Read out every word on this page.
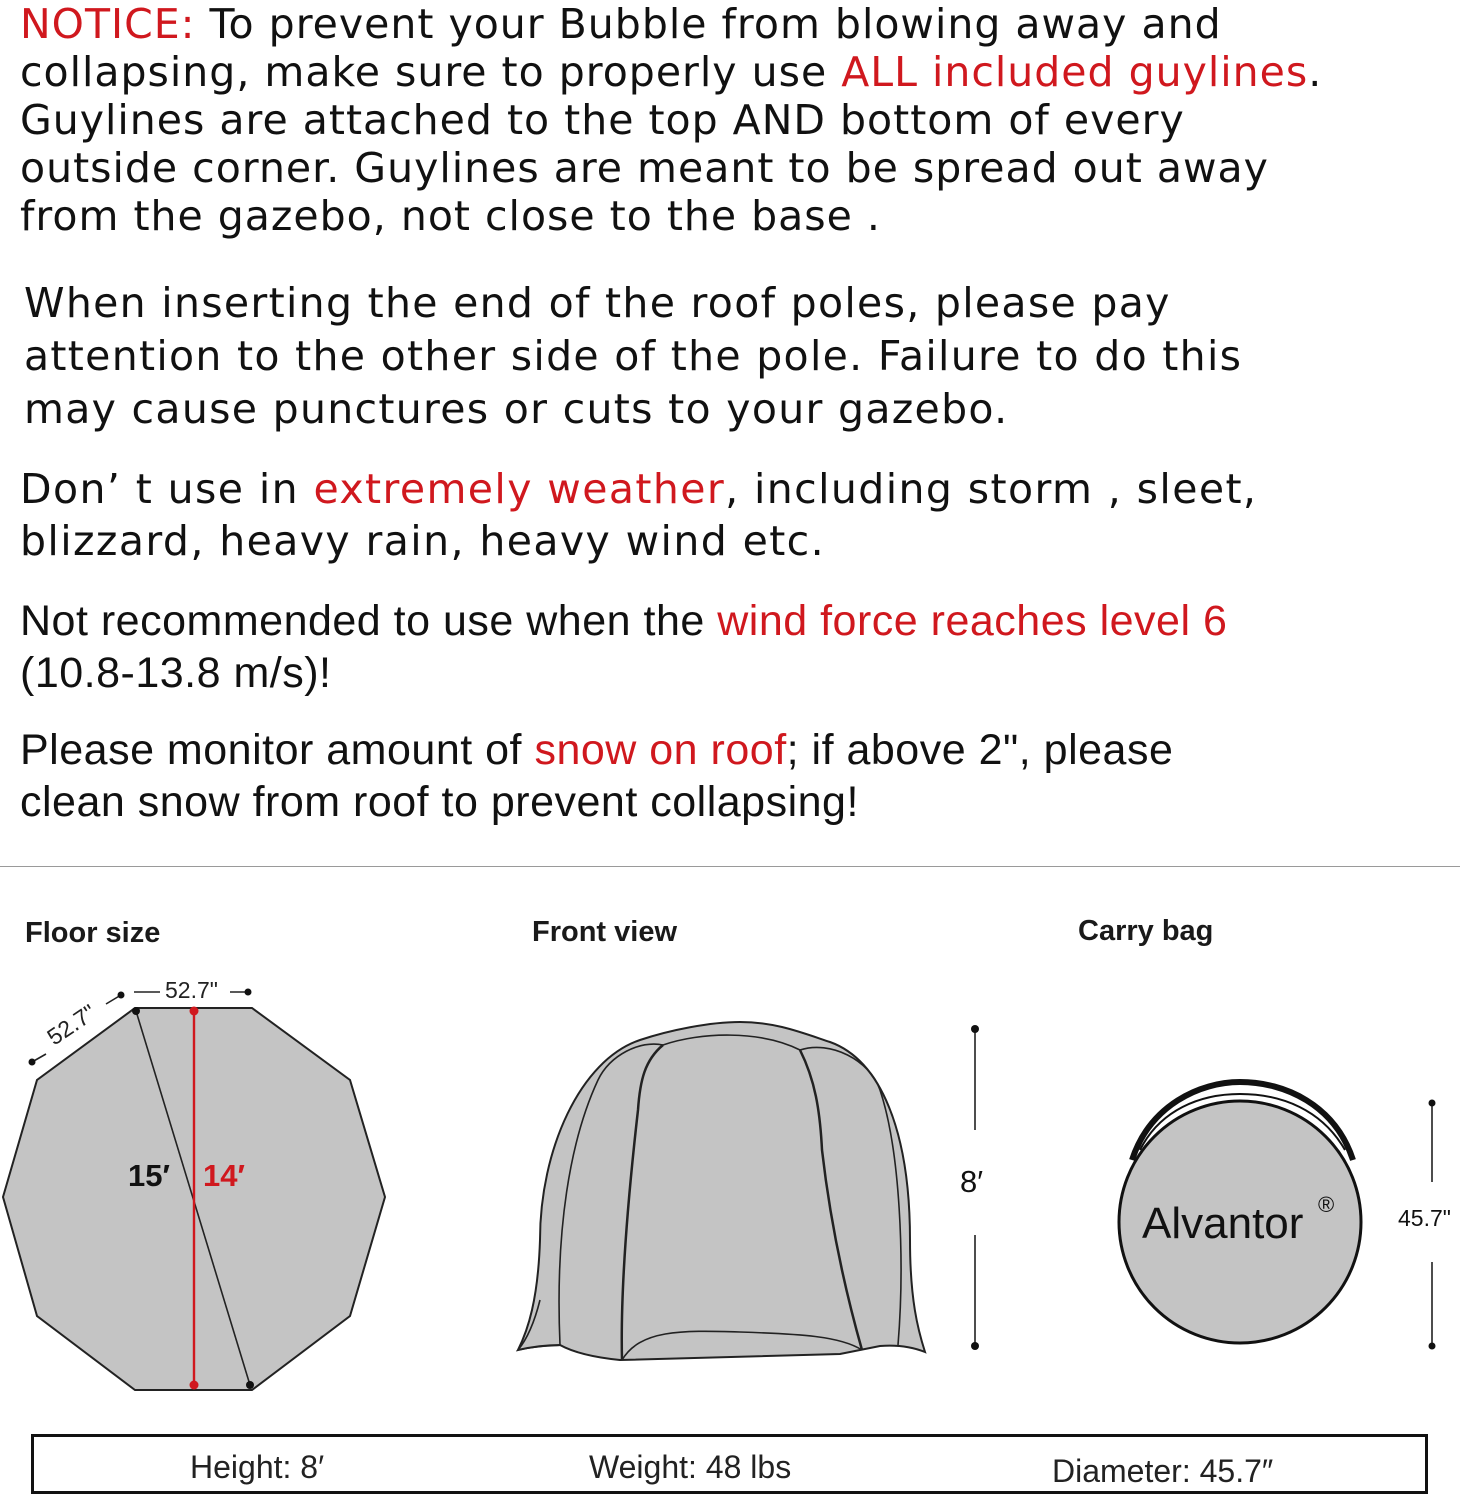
NOTICE: To prevent your Bubble from blowing away and

collapsing, make sure to properly use ALL included guylines.

Guylines are attached to the top AND bottom of every

outside corner. Guylines are meant to be spread out away

from the gazebo, not close to the base .

When inserting the end of the roof poles, please pay

attention to the other side of the pole. Failure to do this

may cause punctures or cuts to your gazebo.

Don’ t use in extremely weather, including storm , sleet,

blizzard, heavy rain, heavy wind etc.

Not recommended to use when the wind force reaches level 6

(10.8-13.8 m/s)!

Please monitor amount of snow on roof; if above 2", please

clean snow from roof to prevent collapsing!

Floor size	Front view	Carry bag
52.7"
52.7"
15′ 14′	8′
Alvantor ®
45.7"
Height: 8′	Weight: 48 lbs	Diameter: 45.7″
